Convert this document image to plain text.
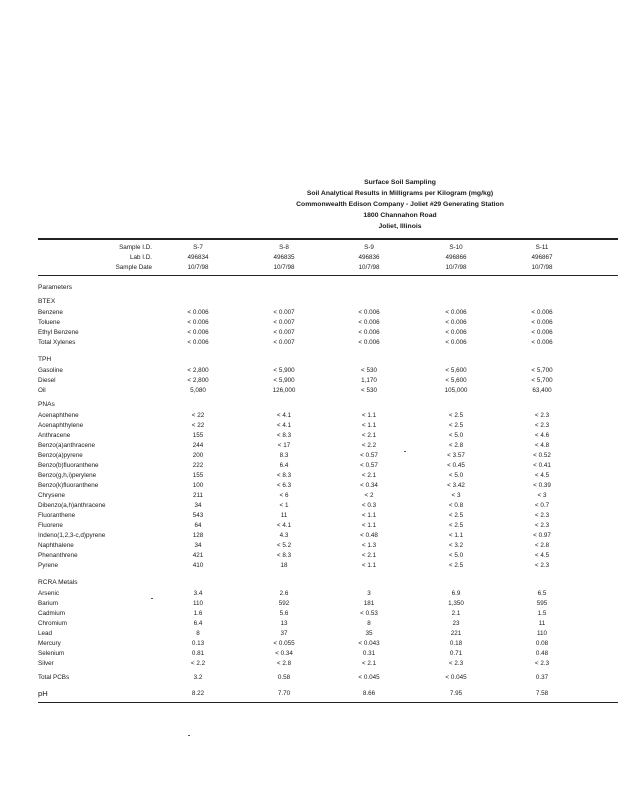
Surface Soil Sampling
Soil Analytical Results in Milligrams per Kilogram (mg/kg)
Commonwealth Edison Company - Joliet #29 Generating Station
1800 Channahon Road
Joliet, Illinois
Sample I.D.	S-7	S-8	S-9	S-10	S-11
Lab I.D.	496834	496835	496836	496866	496867
Sample Date	10/7/98	10/7/98	10/7/98	10/7/98	10/7/98
Parameters
BTEX
Benzene	< 0.006	< 0.007	< 0.006	< 0.006	< 0.006
Toluene	< 0.006	< 0.007	< 0.006	< 0.006	< 0.006
Ethyl Benzene	< 0.006	< 0.007	< 0.006	< 0.006	< 0.006
Total Xylenes	< 0.006	< 0.007	< 0.006	< 0.006	< 0.006
TPH
Gasoline	< 2,800	< 5,900	< 530	< 5,600	< 5,700
Diesel	< 2,800	< 5,900	1,170	< 5,600	< 5,700
Oil	5,080	126,000	< 530	105,000	63,400
PNAs
Acenaphthene	< 22	< 4.1	< 1.1	< 2.5	< 2.3
Acenaphthylene	< 22	< 4.1	< 1.1	< 2.5	< 2.3
Anthracene	155	< 8.3	< 2.1	< 5.0	< 4.6
Benzo(a)anthracene	244	< 17	< 2.2	< 2.8	< 4.8
Benzo(a)pyrene	200	8.3	< 0.57	< 3.57	< 0.52
Benzo(b)fluoranthene	222	6.4	< 0.57	< 0.45	< 0.41
Benzo(g,h,i)perylene	155	< 8.3	< 2.1	< 5.0	< 4.5
Benzo(k)fluoranthene	100	< 6.3	< 0.34	< 3.42	< 0.39
Chrysene	211	< 6	< 2	< 3	< 3
Dibenzo(a,h)anthracene	34	< 1	< 0.3	< 0.8	< 0.7
Fluoranthene	543	11	< 1.1	< 2.5	< 2.3
Fluorene	64	< 4.1	< 1.1	< 2.5	< 2.3
Indeno(1,2,3-c,d)pyrene	128	4.3	< 0.48	< 1.1	< 0.97
Naphthalene	34	< 5.2	< 1.3	< 3.2	< 2.8
Phenanthrene	421	< 8.3	< 2.1	< 5.0	< 4.5
Pyrene	410	18	< 1.1	< 2.5	< 2.3
RCRA Metals
Arsenic	3.4	2.6	3	6.9	6.5
Barium	110	592	181	1,350	595
Cadmium	1.6	5.6	< 0.53	2.1	1.5
Chromium	6.4	13	8	23	11
Lead	8	37	35	221	110
Mercury	0.13	< 0.055	< 0.043	0.18	0.08
Selenium	0.81	< 0.34	0.31	0.71	0.48
Silver	< 2.2	< 2.8	< 2.1	< 2.3	< 2.3
Total PCBs	3.2	0.58	< 0.045	< 0.045	0.37
pH	8.22	7.70	8.66	7.95	7.58
